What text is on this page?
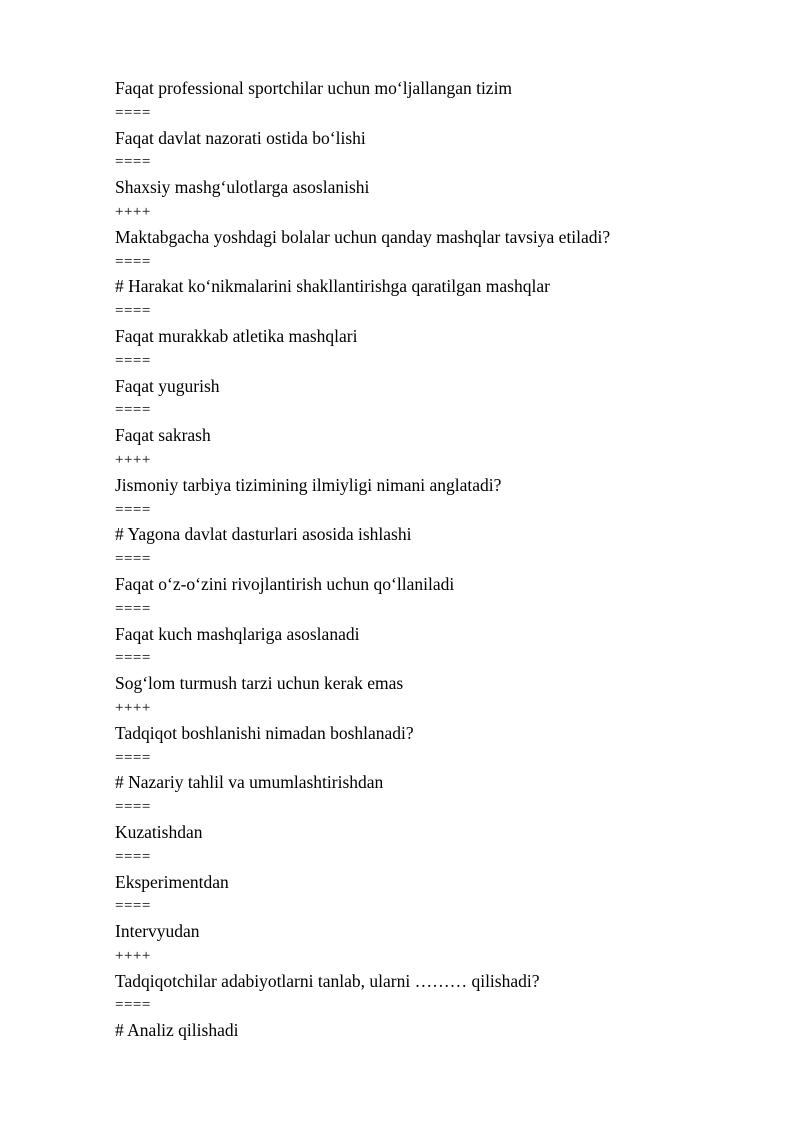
Faqat professional sportchilar uchun moʻljallangan tizim
====
Faqat davlat nazorati ostida boʻlishi
====
Shaxsiy mashgʻulotlarga asoslanishi
++++
Maktabgacha yoshdagi bolalar uchun qanday mashqlar tavsiya etiladi?
====
# Harakat koʻnikmalarini shakllantirishga qaratilgan mashqlar
====
Faqat murakkab atletika mashqlari
====
Faqat yugurish
====
Faqat sakrash
++++
Jismoniy tarbiya tizimining ilmiyligi nimani anglatadi?
====
# Yagona davlat dasturlari asosida ishlashi
====
Faqat oʻz-oʻzini rivojlantirish uchun qoʻllaniladi
====
Faqat kuch mashqlariga asoslanadi
====
Sogʻlom turmush tarzi uchun kerak emas
++++
Tadqiqot boshlanishi nimadan boshlanadi?
====
# Nazariy tahlil va umumlashtirishdan
====
Kuzatishdan
====
Eksperimentdan
====
Intervyudan
++++
Tadqiqotchilar adabiyotlarni tanlab, ularni ……… qilishadi?
====
# Analiz qilishadi
